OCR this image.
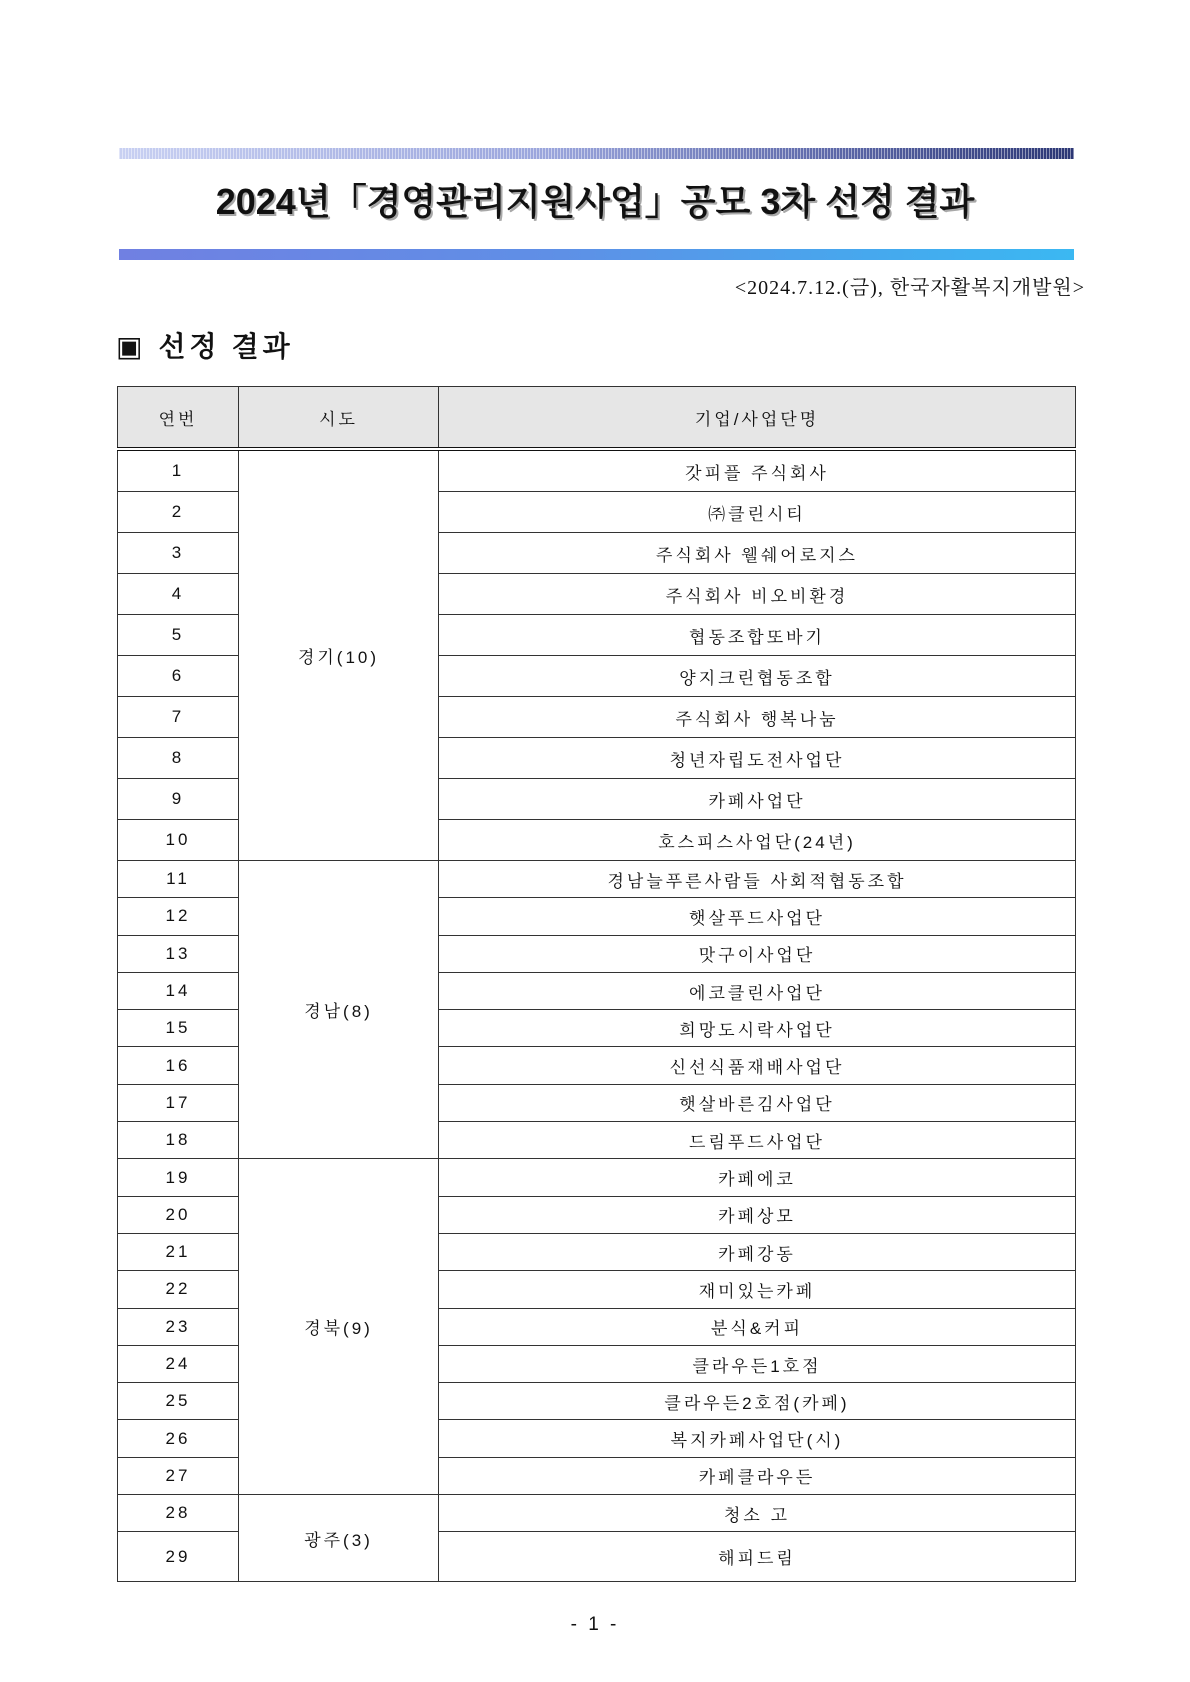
2024년「경영관리지원사업」공모 3차 선정 결과
<2024.7.12.(금), 한국자활복지개발원>
▣ 선정 결과
연번	시도	기업/사업단명
1	경기(10)	갓피플 주식회사
2		㈜클린시티
3		주식회사 웰쉐어로지스
4		주식회사 비오비환경
5		협동조합또바기
6		양지크린협동조합
7		주식회사 행복나눔
8		청년자립도전사업단
9		카페사업단
10		호스피스사업단(24년)
11	경남(8)	경남늘푸른사람들 사회적협동조합
12		햇살푸드사업단
13		맛구이사업단
14		에코클린사업단
15		희망도시락사업단
16		신선식품재배사업단
17		햇살바른김사업단
18		드림푸드사업단
19	경북(9)	카페에코
20		카페상모
21		카페강동
22		재미있는카페
23		분식&커피
24		클라우든1호점
25		클라우든2호점(카페)
26		복지카페사업단(시)
27		카페클라우든
28	광주(3)	청소 고
29		해피드림
- 1 -
